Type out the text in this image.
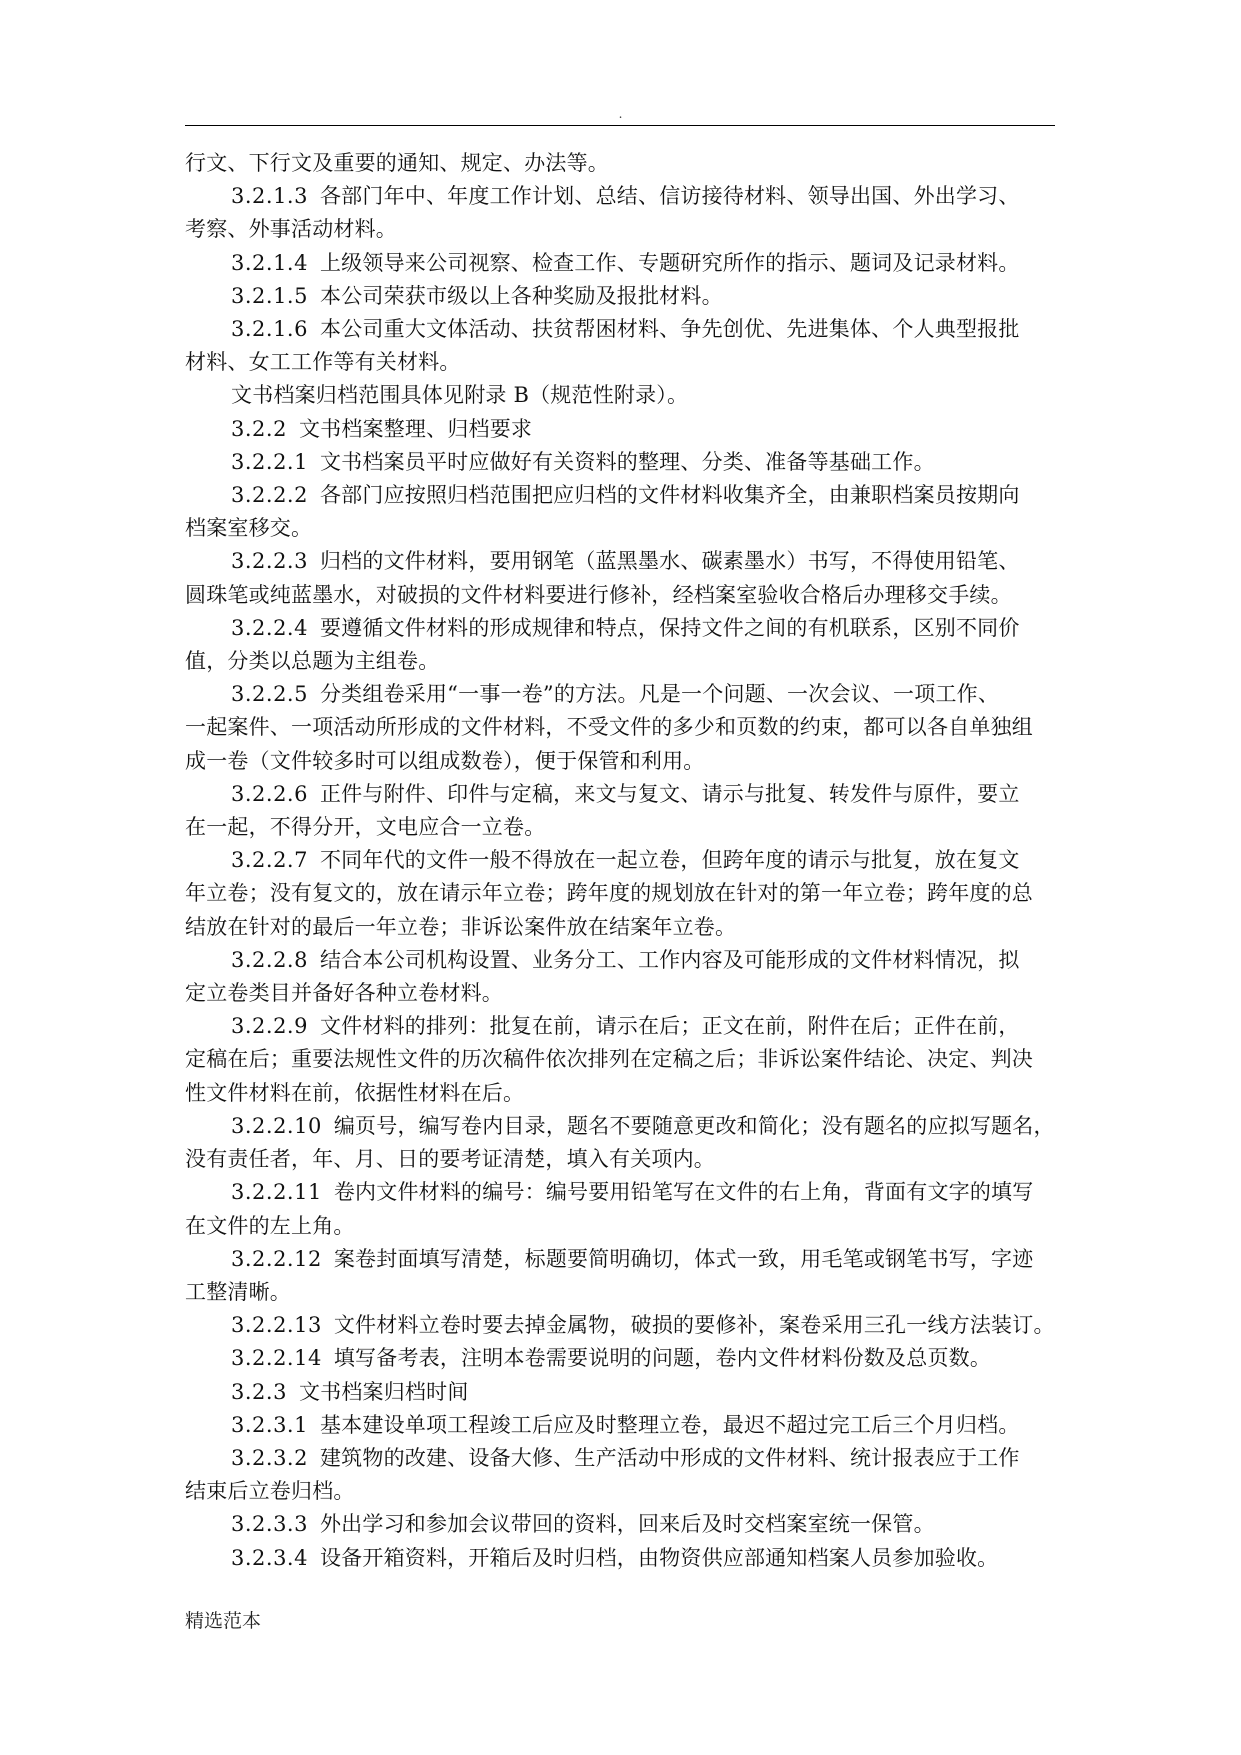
.
行文、下行文及重要的通知、规定、办法等。
3.2.1.3 各部门年中、年度工作计划、总结、信访接待材料、领导出国、外出学习、
考察、外事活动材料。
3.2.1.4 上级领导来公司视察、检查工作、专题研究所作的指示、题词及记录材料。
3.2.1.5 本公司荣获市级以上各种奖励及报批材料。
3.2.1.6 本公司重大文体活动、扶贫帮困材料、争先创优、先进集体、个人典型报批
材料、女工工作等有关材料。
文书档案归档范围具体见附录 B（规范性附录）。
3.2.2 文书档案整理、归档要求
3.2.2.1 文书档案员平时应做好有关资料的整理、分类、准备等基础工作。
3.2.2.2 各部门应按照归档范围把应归档的文件材料收集齐全，由兼职档案员按期向
档案室移交。
3.2.2.3 归档的文件材料，要用钢笔（蓝黑墨水、碳素墨水）书写，不得使用铅笔、
圆珠笔或纯蓝墨水，对破损的文件材料要进行修补，经档案室验收合格后办理移交手续。
3.2.2.4 要遵循文件材料的形成规律和特点，保持文件之间的有机联系，区别不同价
值，分类以总题为主组卷。
3.2.2.5 分类组卷采用“一事一卷”的方法。凡是一个问题、一次会议、一项工作、
一起案件、一项活动所形成的文件材料，不受文件的多少和页数的约束，都可以各自单独组
成一卷（文件较多时可以组成数卷），便于保管和利用。
3.2.2.6 正件与附件、印件与定稿，来文与复文、请示与批复、转发件与原件，要立
在一起，不得分开，文电应合一立卷。
3.2.2.7 不同年代的文件一般不得放在一起立卷，但跨年度的请示与批复，放在复文
年立卷；没有复文的，放在请示年立卷；跨年度的规划放在针对的第一年立卷；跨年度的总
结放在针对的最后一年立卷；非诉讼案件放在结案年立卷。
3.2.2.8 结合本公司机构设置、业务分工、工作内容及可能形成的文件材料情况，拟
定立卷类目并备好各种立卷材料。
3.2.2.9 文件材料的排列：批复在前，请示在后；正文在前，附件在后；正件在前，
定稿在后；重要法规性文件的历次稿件依次排列在定稿之后；非诉讼案件结论、决定、判决
性文件材料在前，依据性材料在后。
3.2.2.10 编页号，编写卷内目录，题名不要随意更改和简化；没有题名的应拟写题名，
没有责任者，年、月、日的要考证清楚，填入有关项内。
3.2.2.11 卷内文件材料的编号：编号要用铅笔写在文件的右上角，背面有文字的填写
在文件的左上角。
3.2.2.12 案卷封面填写清楚，标题要简明确切，体式一致，用毛笔或钢笔书写，字迹
工整清晰。
3.2.2.13 文件材料立卷时要去掉金属物，破损的要修补，案卷采用三孔一线方法装订。
3.2.2.14 填写备考表，注明本卷需要说明的问题，卷内文件材料份数及总页数。
3.2.3 文书档案归档时间
3.2.3.1 基本建设单项工程竣工后应及时整理立卷，最迟不超过完工后三个月归档。
3.2.3.2 建筑物的改建、设备大修、生产活动中形成的文件材料、统计报表应于工作
结束后立卷归档。
3.2.3.3 外出学习和参加会议带回的资料，回来后及时交档案室统一保管。
3.2.3.4 设备开箱资料，开箱后及时归档，由物资供应部通知档案人员参加验收。
精选范本
